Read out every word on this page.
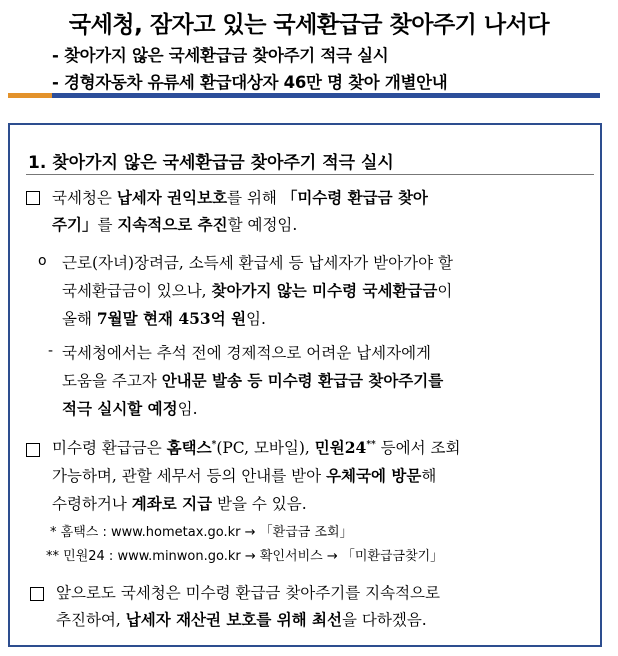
국세청, 잠자고 있는 국세환급금 찾아주기 나서다
- 찾아가지 않은 국세환급금 찾아주기 적극 실시
- 경형자동차 유류세 환급대상자 46만 명 찾아 개별안내
1. 찾아가지 않은 국세환급금 찾아주기 적극 실시
국세청은 납세자 권익보호를 위해 「미수령 환급금 찾아
주기」를 지속적으로 추진할 예정임.
o 근로(자녀)장려금, 소득세 환급세 등 납세자가 받아가야 할
국세환급금이 있으나, 찾아가지 않는 미수령 국세환급금이
올해 7월말 현재 453억 원임.
- 국세청에서는 추석 전에 경제적으로 어려운 납세자에게
도움을 주고자 안내문 발송 등 미수령 환급금 찾아주기를
적극 실시할 예정임.
미수령 환급금은 홈택스*(PC, 모바일), 민원24** 등에서 조회
가능하며, 관할 세무서 등의 안내를 받아 우체국에 방문해
수령하거나 계좌로 지급 받을 수 있음.
* 홈택스 : www.hometax.go.kr → 「환급금 조회」
** 민원24 : www.minwon.go.kr → 확인서비스 → 「미환급금찾기」
앞으로도 국세청은 미수령 환급금 찾아주기를 지속적으로
추진하여, 납세자 재산권 보호를 위해 최선을 다하겠음.
